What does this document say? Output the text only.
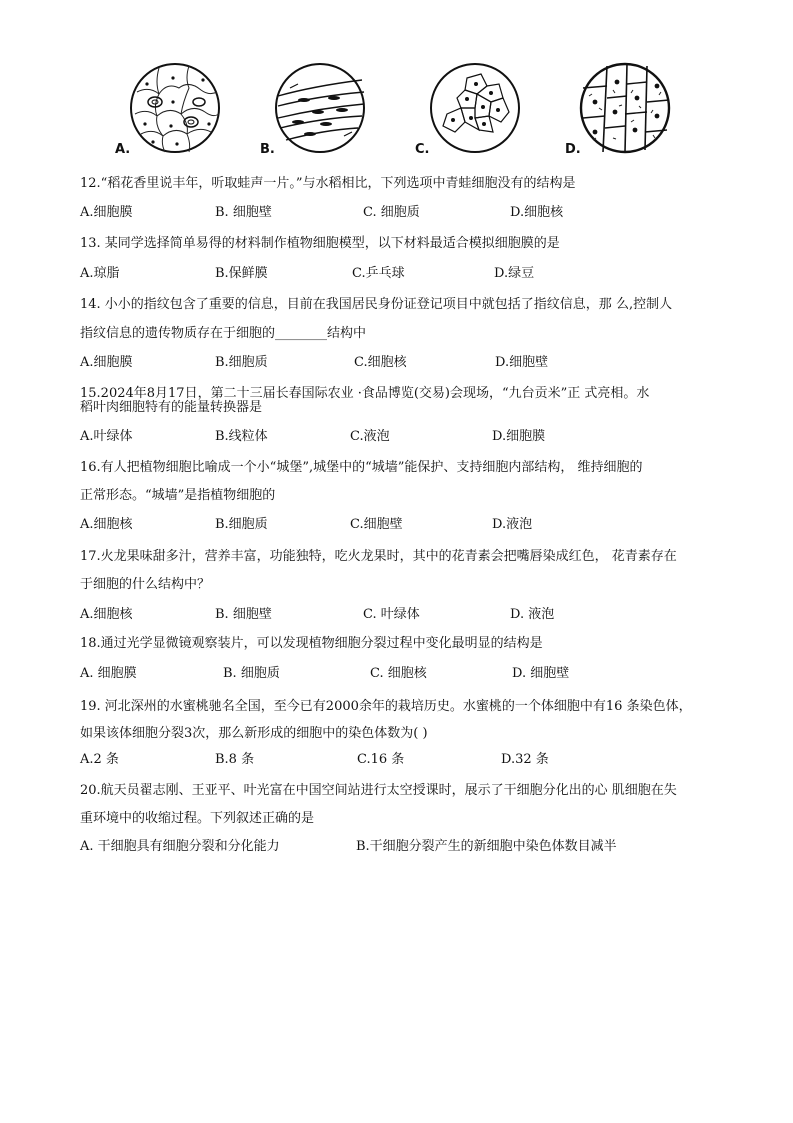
A.	B.	C.	D.
12.“稻花香里说丰年，听取蛙声一片。”与水稻相比，下列选项中青蛙细胞没有的结构是
A.细胞膜	B. 细胞壁	C. 细胞质	D.细胞核
13. 某同学选择简单易得的材料制作植物细胞模型，以下材料最适合模拟细胞膜的是
A.琼脂	B.保鲜膜	C.乒乓球	D.绿豆
14. 小小的指纹包含了重要的信息，目前在我国居民身份证登记项目中就包括了指纹信息，那 么,控制人
指纹信息的遗传物质存在于细胞的________结构中
A.细胞膜	B.细胞质	C.细胞核	D.细胞壁
15.2024年8月17日，第二十三届长春国际农业 ·食品博览(交易)会现场，“九台贡米”正 式亮相。水
稻叶肉细胞特有的能量转换器是
A.叶绿体	B.线粒体	C.液泡	D.细胞膜
16.有人把植物细胞比喻成一个小“城堡”,城堡中的“城墙”能保护、支持细胞内部结构， 维持细胞的
正常形态。“城墙”是指植物细胞的
A.细胞核	B.细胞质	C.细胞壁	D.液泡
17.火龙果味甜多汁，营养丰富，功能独特，吃火龙果时，其中的花青素会把嘴唇染成红色， 花青素存在
于细胞的什么结构中？
A.细胞核	B. 细胞壁	C. 叶绿体	D. 液泡
18.通过光学显微镜观察装片，可以发现植物细胞分裂过程中变化最明显的结构是
A. 细胞膜	B. 细胞质	C. 细胞核	D. 细胞壁
19. 河北深州的水蜜桃驰名全国，至今已有2000余年的栽培历史。水蜜桃的一个体细胞中有16 条染色体，
如果该体细胞分裂3次，那么新形成的细胞中的染色体数为( )
A.2 条	B.8 条	C.16 条	D.32 条
20.航天员翟志刚、王亚平、叶光富在中国空间站进行太空授课时，展示了干细胞分化出的心 肌细胞在失
重环境中的收缩过程。下列叙述正确的是
A. 干细胞具有细胞分裂和分化能力	B.干细胞分裂产生的新细胞中染色体数目减半
